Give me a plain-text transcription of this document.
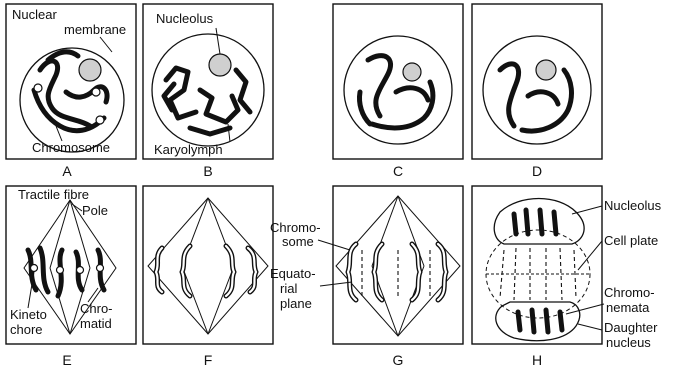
Nuclear
membrane
Chromosome
A
Nucleolus
Karyolymph
B	C	D
Tractile fibre
Pole
Kineto
chore
Chro-
matid
E	F
Chromo-
some
Equato-
rial
plane
G
Nucleolus
Cell plate
Chromo-
nemata
Daughter
nucleus
H
